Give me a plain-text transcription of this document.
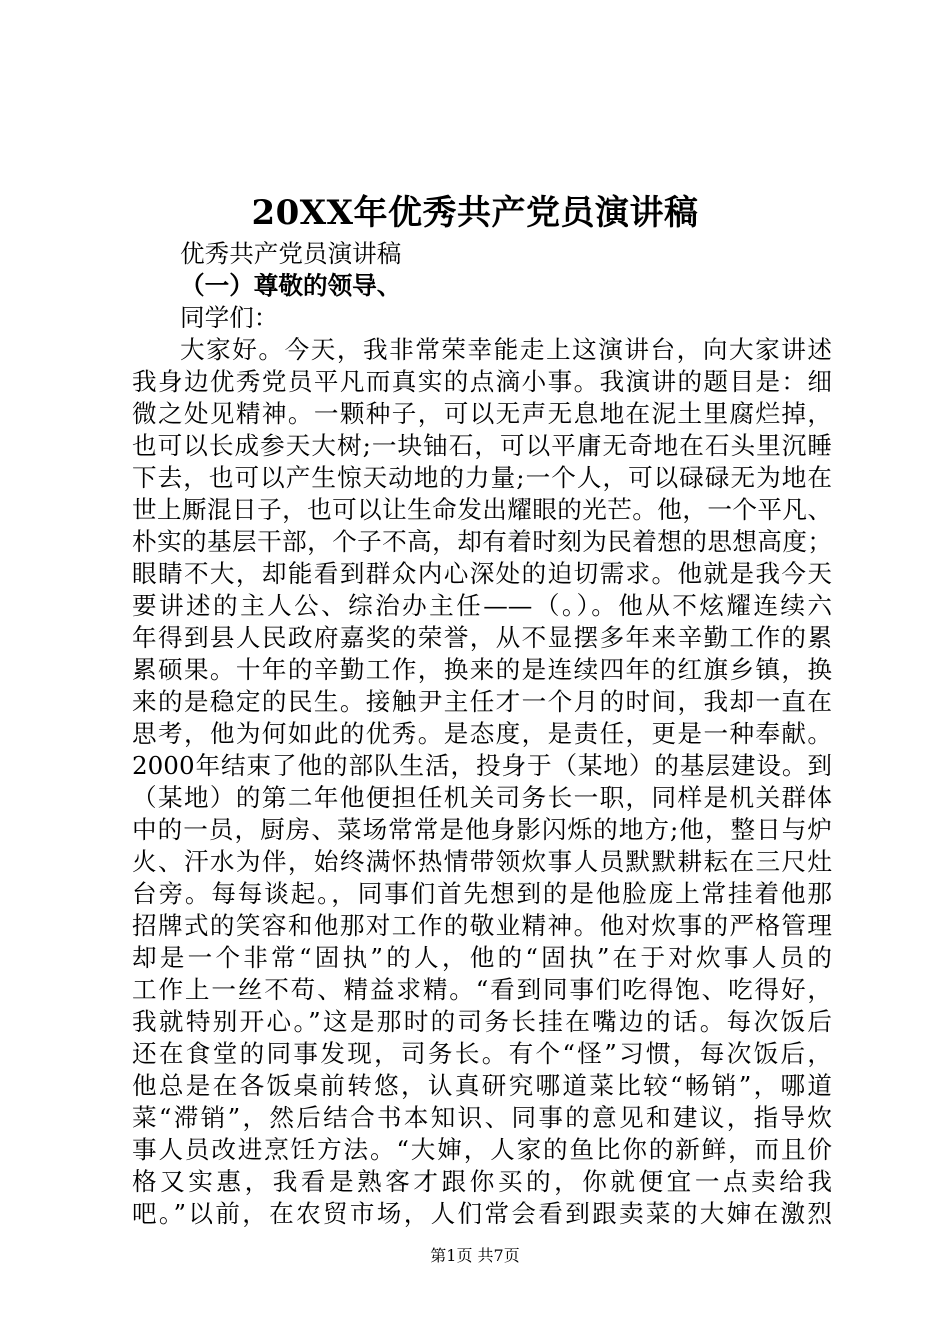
20XX年优秀共产党员演讲稿
优秀共产党员演讲稿
（一）尊敬的领导、
同学们：
大家好。今天，我非常荣幸能走上这演讲台，向大家讲述
我身边优秀党员平凡而真实的点滴小事。我演讲的题目是：细
微之处见精神。一颗种子，可以无声无息地在泥土里腐烂掉，
也可以长成参天大树;一块铀石，可以平庸无奇地在石头里沉睡
下去，也可以产生惊天动地的力量;一个人，可以碌碌无为地在
世上厮混日子，也可以让生命发出耀眼的光芒。他，一个平凡、
朴实的基层干部，个子不高，却有着时刻为民着想的思想高度；
眼睛不大，却能看到群众内心深处的迫切需求。他就是我今天
要讲述的主人公、综治办主任——（。）。他从不炫耀连续六
年得到县人民政府嘉奖的荣誉，从不显摆多年来辛勤工作的累
累硕果。十年的辛勤工作，换来的是连续四年的红旗乡镇，换
来的是稳定的民生。接触尹主任才一个月的时间，我却一直在
思考，他为何如此的优秀。是态度，是责任，更是一种奉献。
2000年结束了他的部队生活，投身于（某地）的基层建设。到
（某地）的第二年他便担任机关司务长一职，同样是机关群体
中的一员，厨房、菜场常常是他身影闪烁的地方;他，整日与炉
火、汗水为伴，始终满怀热情带领炊事人员默默耕耘在三尺灶
台旁。每每谈起。，同事们首先想到的是他脸庞上常挂着他那
招牌式的笑容和他那对工作的敬业精神。他对炊事的严格管理
却是一个非常“固执”的人，他的“固执”在于对炊事人员的
工作上一丝不苟、精益求精。“看到同事们吃得饱、吃得好，
我就特别开心。”这是那时的司务长挂在嘴边的话。每次饭后
还在食堂的同事发现，司务长。有个“怪”习惯，每次饭后，
他总是在各饭桌前转悠，认真研究哪道菜比较“畅销”，哪道
菜“滞销”，然后结合书本知识、同事的意见和建议，指导炊
事人员改进烹饪方法。“大婶，人家的鱼比你的新鲜，而且价
格又实惠，我看是熟客才跟你买的，你就便宜一点卖给我
吧。”以前，在农贸市场，人们常会看到跟卖菜的大婶在激烈
第1页 共7页
